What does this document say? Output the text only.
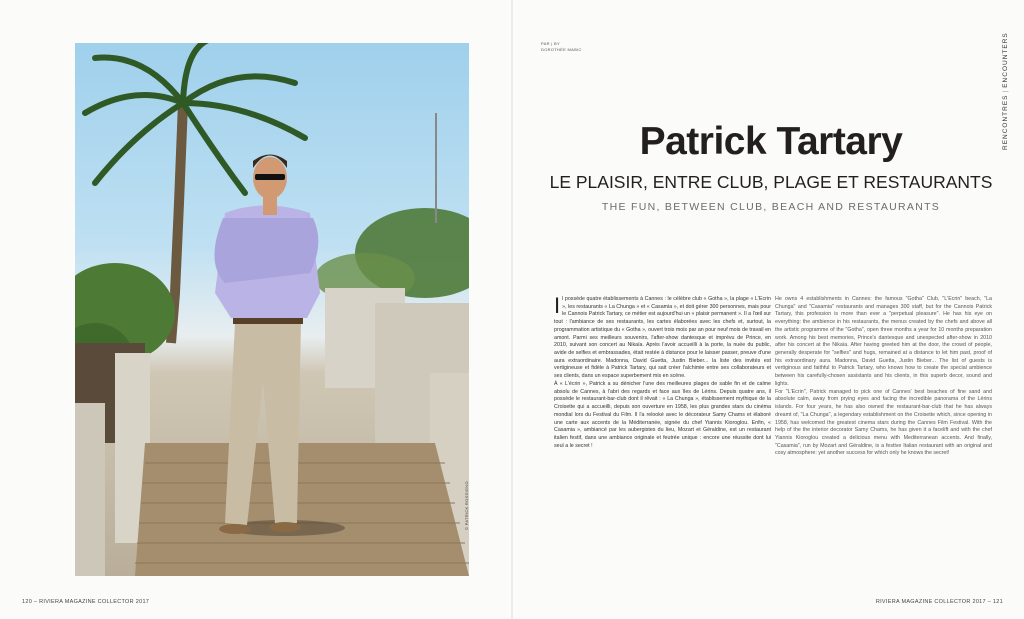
© PATRICK ROSSIGNO
PAR | BY
DOROTHÉE MABIC
RENCONTRES|ENCOUNTERS
Patrick Tartary
LE PLAISIR, ENTRE CLUB, PLAGE ET RESTAURANTS
THE FUN, BETWEEN CLUB, BEACH AND RESTAURANTS

Il possède quatre établissements à Cannes : le célèbre club « Gotha », la plage « L'Ecrin », les restaurants « La Chunga » et « Casamia », et doit gérer 300 personnes, mais pour le Cannois Patrick Tartary, ce métier est aujourd'hui un « plaisir permanent ». Il a l'œil sur tout : l'ambiance de ses restaurants, les cartes élaborées avec les chefs et, surtout, la programmation artistique du « Gotha », ouvert trois mois par an pour neuf mois de travail en amont. Parmi ses meilleurs souvenirs, l'after-show dantesque et imprévu de Prince, en 2010, suivant son concert au Nikaïa. Après l'avoir accueilli à la porte, la nuée du public, avide de selfies et embrassades, était restée à distance pour le laisser passer, preuve d'une aura extraordinaire. Madonna, David Guetta, Justin Bieber... la liste des invités est vertigineuse et fidèle à Patrick Tartary, qui sait créer l'alchimie entre ses collaborateurs et ses clients, dans un espace superbement mis en scène.

À « L'écrin », Patrick a su dénicher l'une des meilleures plages de sable fin et de calme absolu de Cannes, à l'abri des regards et face aux îles de Lérins. Depuis quatre ans, il possède le restaurant-bar-club dont il rêvait : « La Chunga », établissement mythique de la Croisette qui a accueilli, depuis son ouverture en 1958, les plus grandes stars du cinéma mondial lors du Festival du Film. Il l'a relooké avec le décorateur Samy Chams et élaboré une carte aux accents de la Méditerranée, signée du chef Yiannis Kioroglou. Enfin, « Casamia », ambiancé par les aubergistes du lieu, Mozart et Géraldine, est un restaurant italien festif, dans une ambiance originale et feutrée unique : encore une réussite dont lui seul a le secret !

He owns 4 establishments in Cannes: the famous "Gotha" Club, "L'Ecrin" beach, "La Chunga" and "Casamia" restaurants and manages 300 staff, but for the Cannois Patrick Tartary, this profession is more than ever a "perpetual pleasure". He has his eye on everything: the ambience in his restaurants, the menus created by the chefs and above all the artistic programme of the "Gotha", open three months a year for 10 months preparation work. Among his best memories, Prince's dantesque and unexpected after-show in 2010 after his concert at the Nikaïa. After having greeted him at the door, the crowd of people, generally desperate for "selfies" and hugs, remained at a distance to let him past, proof of his extraordinary aura. Madonna, David Guetta, Justin Bieber... The list of guests is vertiginous and faithful to Patrick Tartary, who knows how to create the special ambience between his carefully-chosen assistants and his clients, in this superb decor, sound and lights.

For "L'Ecrin", Patrick managed to pick one of Cannes' best beaches of fine sand and absolute calm, away from prying eyes and facing the incredible panorama of the Lérins islands. For four years, he has also owned the restaurant-bar-club that he has always dreamt of, "La Chunga", a legendary establishment on the Croisette which, since opening in 1958, has welcomed the greatest cinema stars during the Cannes Film Festival. With the help of the the interior decorator Samy Chams, he has given it a facelift and with the chef Yiannis Kioroglou created a delicious menu with Mediterranean accents. And finally, "Casamia", run by Mozart and Géraldine, is a festive Italian restaurant with an original and cosy atmosphere: yet another success for which only he knows the secret!

120 – RIVIERA MAGAZINE COLLECTOR 2017	RIVIERA MAGAZINE COLLECTOR 2017 – 121
